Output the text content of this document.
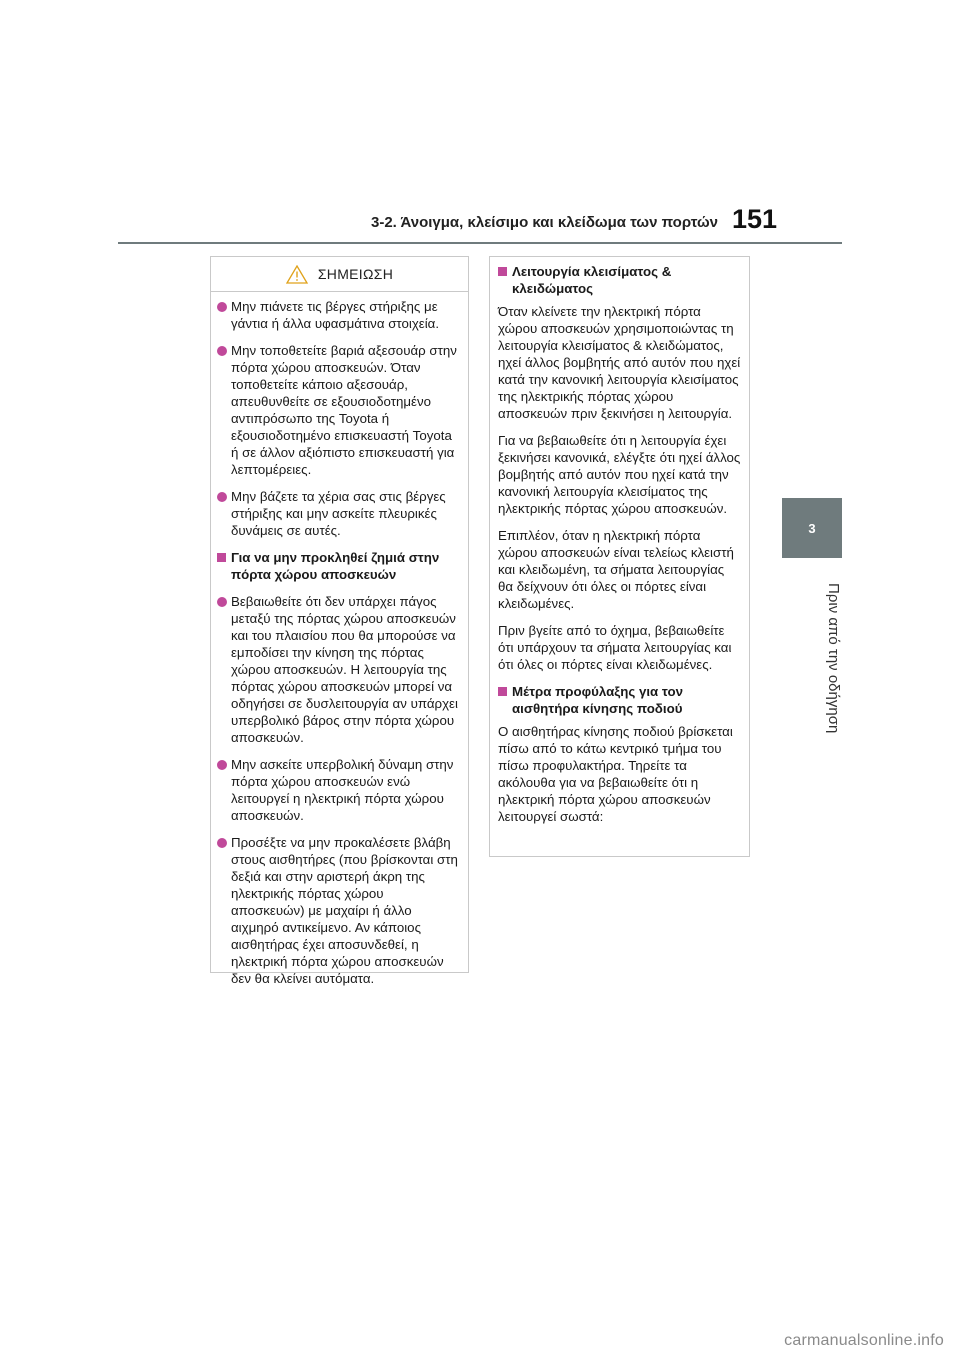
3-2. Άνοιγμα, κλείσιμο και κλείδωμα των πορτών 151
3
Πριν από την οδήγηση
ΣΗΜΕΙΩΣΗ
Μην πιάνετε τις βέργες στήριξης με γάντια ή άλλα υφασμάτινα στοιχεία.
Μην τοποθετείτε βαριά αξεσουάρ στην πόρτα χώρου αποσκευών. Όταν τοποθετείτε κάποιο αξεσουάρ, απευθυνθείτε σε εξουσιοδοτημένο αντιπρόσωπο της Toyota ή εξουσιοδοτημένο επισκευαστή Toyota ή σε άλλον αξιόπιστο επισκευαστή για λεπτομέρειες.
Μην βάζετε τα χέρια σας στις βέργες στήριξης και μην ασκείτε πλευρικές δυνάμεις σε αυτές.
Για να μην προκληθεί ζημιά στην πόρτα χώρου αποσκευών
Βεβαιωθείτε ότι δεν υπάρχει πάγος μεταξύ της πόρτας χώρου αποσκευών και του πλαισίου που θα μπορούσε να εμποδίσει την κίνηση της πόρτας χώρου αποσκευών. Η λειτουργία της πόρτας χώρου αποσκευών μπορεί να οδηγήσει σε δυσλειτουργία αν υπάρχει υπερβολικό βάρος στην πόρτα χώρου αποσκευών.
Μην ασκείτε υπερβολική δύναμη στην πόρτα χώρου αποσκευών ενώ λειτουργεί η ηλεκτρική πόρτα χώρου αποσκευών.
Προσέξτε να μην προκαλέσετε βλάβη στους αισθητήρες (που βρίσκονται στη δεξιά και στην αριστερή άκρη της ηλεκτρικής πόρτας χώρου αποσκευών) με μαχαίρι ή άλλο αιχμηρό αντικείμενο. Αν κάποιος αισθητήρας έχει αποσυνδεθεί, η ηλεκτρική πόρτα χώρου αποσκευών δεν θα κλείνει αυτόματα.
Λειτουργία κλεισίματος & κλειδώματος

Όταν κλείνετε την ηλεκτρική πόρτα χώρου αποσκευών χρησιμοποιώντας τη λειτουργία κλεισίματος & κλειδώματος, ηχεί άλλος βομβητής από αυτόν που ηχεί κατά την κανονική λειτουργία κλεισίματος της ηλεκτρικής πόρτας χώρου αποσκευών πριν ξεκινήσει η λειτουργία.

Για να βεβαιωθείτε ότι η λειτουργία έχει ξεκινήσει κανονικά, ελέγξτε ότι ηχεί άλλος βομβητής από αυτόν που ηχεί κατά την κανονική λειτουργία κλεισίματος της ηλεκτρικής πόρτας χώρου αποσκευών.

Επιπλέον, όταν η ηλεκτρική πόρτα χώρου αποσκευών είναι τελείως κλειστή και κλειδωμένη, τα σήματα λειτουργίας θα δείχνουν ότι όλες οι πόρτες είναι κλειδωμένες.

Πριν βγείτε από το όχημα, βεβαιωθείτε ότι υπάρχουν τα σήματα λειτουργίας και ότι όλες οι πόρτες είναι κλειδωμένες.

Μέτρα προφύλαξης για τον αισθητήρα κίνησης ποδιού

Ο αισθητήρας κίνησης ποδιού βρίσκεται πίσω από το κάτω κεντρικό τμήμα του πίσω προφυλακτήρα. Τηρείτε τα ακόλουθα για να βεβαιωθείτε ότι η ηλεκτρική πόρτα χώρου αποσκευών λειτουργεί σωστά:

carmanualsonline.info
